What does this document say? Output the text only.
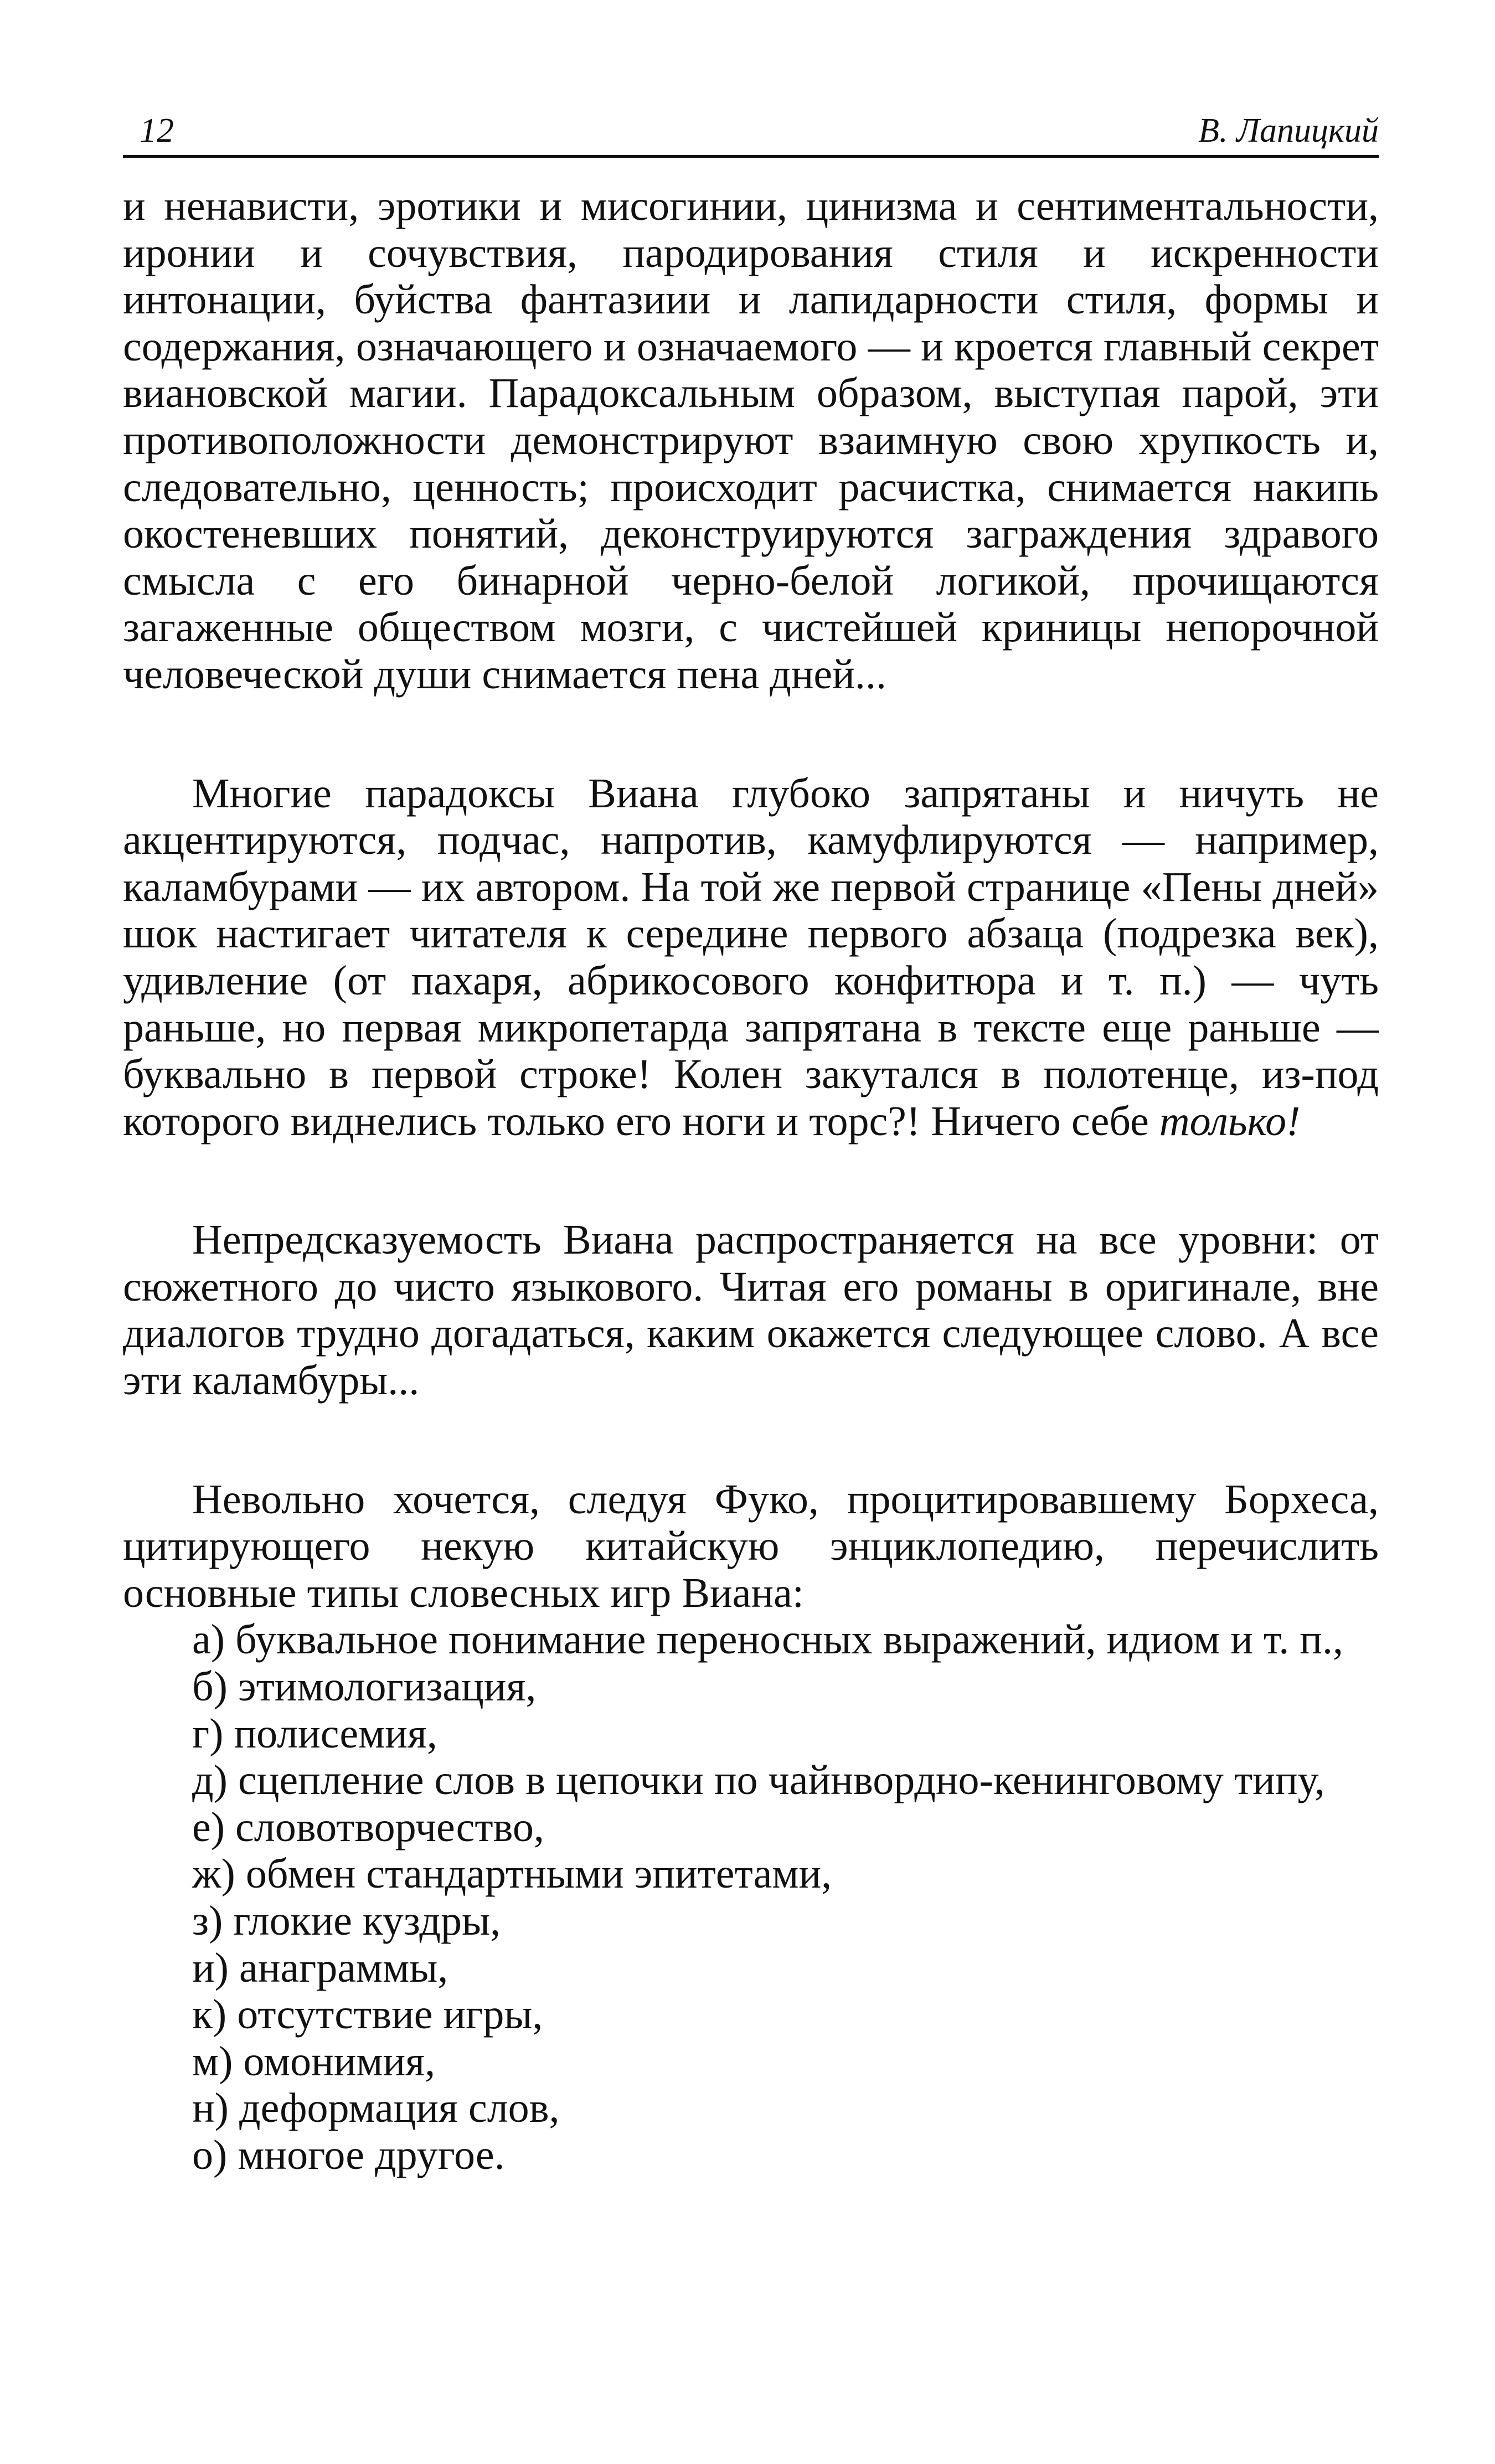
12	В. Лапицкий

и ненависти, эротики и мисогинии, цинизма и сентиментальности, иронии и сочувствия, пародирования стиля и искренности интонации, буйства фантазиии и лапидарности стиля, формы и содержания, означающего и означаемого — и кроется главный секрет виановской магии. Парадоксальным образом, выступая парой, эти противоположности демонстрируют взаимную свою хрупкость и, следовательно, ценность; происходит расчистка, снимается накипь окостеневших понятий, деконструируются заграждения здравого смысла с его бинарной черно-белой логикой, прочищаются загаженные обществом мозги, с чистейшей криницы непорочной человеческой души снимается пена дней...

Многие парадоксы Виана глубоко запрятаны и ничуть не акцентируются, подчас, напротив, камуфлируются — например, каламбурами — их автором. На той же первой странице «Пены дней» шок настигает читателя к середине первого абзаца (подрезка век), удивление (от пахаря, абрикосового конфитюра и т. п.) — чуть раньше, но первая микропетарда запрятана в тексте еще раньше — буквально в первой строке! Колен закутался в полотенце, из-под которого виднелись только его ноги и торс?! Ничего себе только!

Непредсказуемость Виана распространяется на все уровни: от сюжетного до чисто языкового. Читая его романы в оригинале, вне диалогов трудно догадаться, каким окажется следующее слово. А все эти каламбуры...

Невольно хочется, следуя Фуко, процитировавшему Борхеса, цитирующего некую китайскую энциклопедию, перечислить основные типы словесных игр Виана:

а) буквальное понимание переносных выражений, идиом и т. п.,
б) этимологизация,
г) полисемия,
д) сцепление слов в цепочки по чайнвордно-кенинговому типу,
е) словотворчество,
ж) обмен стандартными эпитетами,
з) глокие куздры,
и) анаграммы,
к) отсутствие игры,
м) омонимия,
н) деформация слов,
о) многое другое.
